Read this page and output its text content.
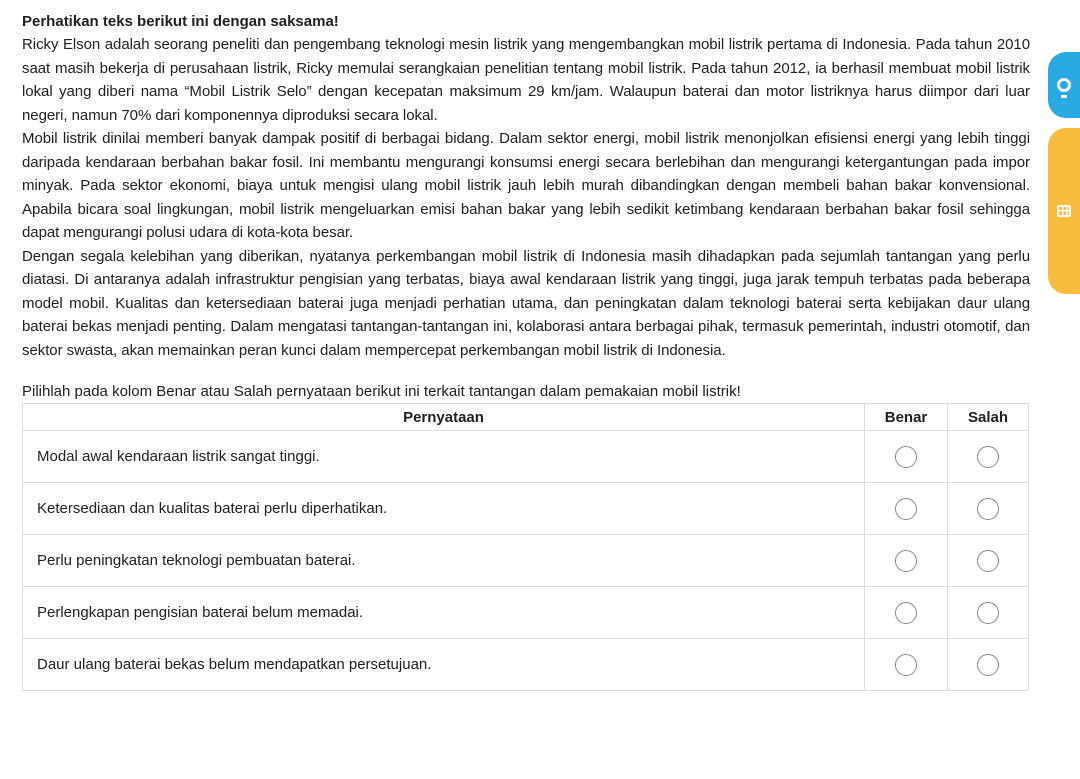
Perhatikan teks berikut ini dengan saksama!

Ricky Elson adalah seorang peneliti dan pengembang teknologi mesin listrik yang mengembangkan mobil listrik pertama di Indonesia. Pada tahun 2010 saat masih bekerja di perusahaan listrik, Ricky memulai serangkaian penelitian tentang mobil listrik. Pada tahun 2012, ia berhasil membuat mobil listrik lokal yang diberi nama “Mobil Listrik Selo” dengan kecepatan maksimum 29 km/jam. Walaupun baterai dan motor listriknya harus diimpor dari luar negeri, namun 70% dari komponennya diproduksi secara lokal.

Mobil listrik dinilai memberi banyak dampak positif di berbagai bidang. Dalam sektor energi, mobil listrik menonjolkan efisiensi energi yang lebih tinggi daripada kendaraan berbahan bakar fosil. Ini membantu mengurangi konsumsi energi secara berlebihan dan mengurangi ketergantungan pada impor minyak. Pada sektor ekonomi, biaya untuk mengisi ulang mobil listrik jauh lebih murah dibandingkan dengan membeli bahan bakar konvensional. Apabila bicara soal lingkungan, mobil listrik mengeluarkan emisi bahan bakar yang lebih sedikit ketimbang kendaraan berbahan bakar fosil sehingga dapat mengurangi polusi udara di kota-kota besar.

Dengan segala kelebihan yang diberikan, nyatanya perkembangan mobil listrik di Indonesia masih dihadapkan pada sejumlah tantangan yang perlu diatasi. Di antaranya adalah infrastruktur pengisian yang terbatas, biaya awal kendaraan listrik yang tinggi, juga jarak tempuh terbatas pada beberapa model mobil. Kualitas dan ketersediaan baterai juga menjadi perhatian utama, dan peningkatan dalam teknologi baterai serta kebijakan daur ulang baterai bekas menjadi penting. Dalam mengatasi tantangan-tantangan ini, kolaborasi antara berbagai pihak, termasuk pemerintah, industri otomotif, dan sektor swasta, akan memainkan peran kunci dalam mempercepat perkembangan mobil listrik di Indonesia.

Pilihlah pada kolom Benar atau Salah pernyataan berikut ini terkait tantangan dalam pemakaian mobil listrik!

Pernyataan	Benar	Salah
Modal awal kendaraan listrik sangat tinggi.	

Ketersediaan dan kualitas baterai perlu diperhatikan.	

Perlu peningkatan teknologi pembuatan baterai.	

Perlengkapan pengisian baterai belum memadai.	

Daur ulang baterai bekas belum mendapatkan persetujuan.	
